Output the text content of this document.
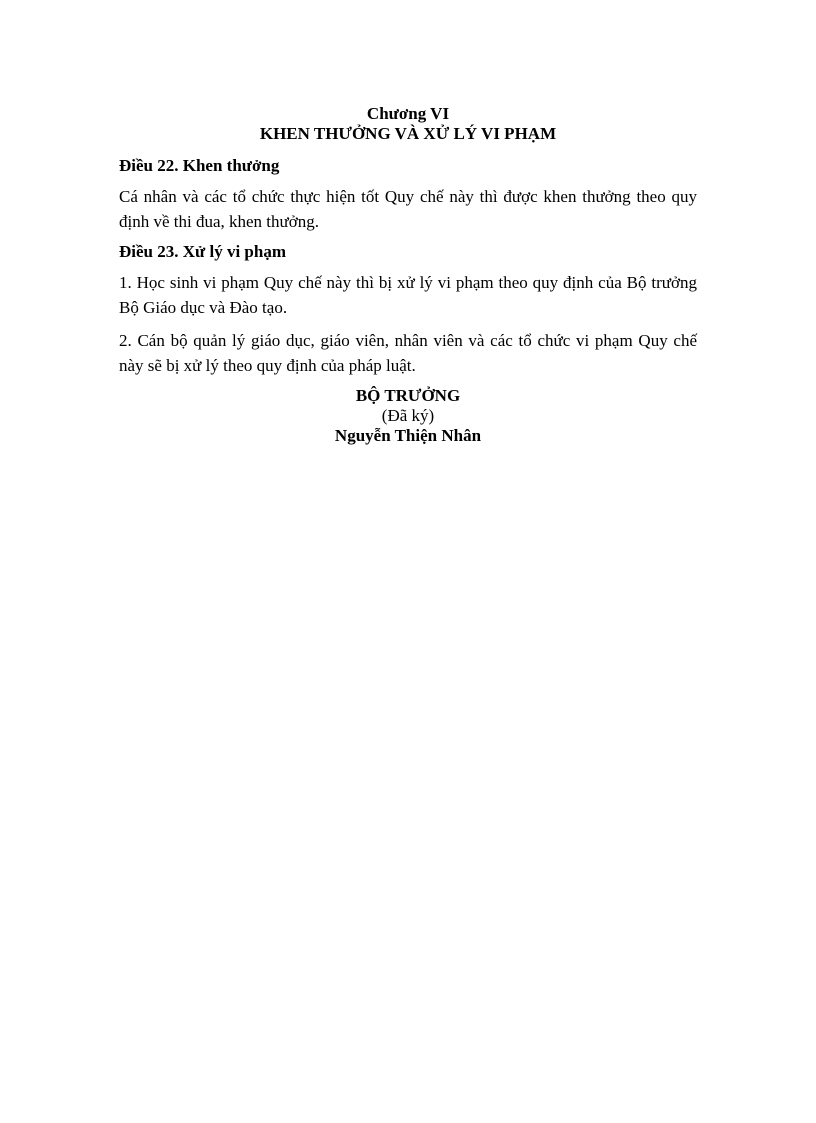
Chương VI
KHEN THƯỞNG VÀ XỬ LÝ VI PHẠM
Điều 22. Khen thưởng
Cá nhân và các tổ chức thực hiện tốt Quy chế này thì được khen thưởng theo quy định về thi đua, khen thưởng.
Điều 23. Xử lý vi phạm
1. Học sinh vi phạm Quy chế này thì bị xử lý vi phạm theo quy định của Bộ trưởng Bộ Giáo dục và Đào tạo.
2. Cán bộ quản lý giáo dục, giáo viên, nhân viên và các tổ chức vi phạm Quy chế này sẽ bị xử lý theo quy định của pháp luật.
BỘ TRƯỞNG
(Đã ký)
Nguyễn Thiện Nhân
